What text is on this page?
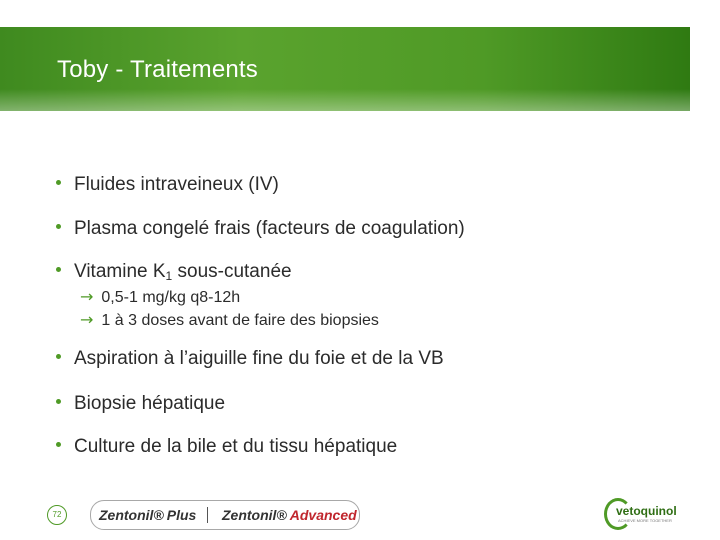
Toby - Traitements
Fluides intraveineux (IV)
Plasma congelé frais (facteurs de coagulation)
Vitamine $K_1$ sous-cutanée
→ 0,5-1 mg/kg q8-12h
→ 1 à 3 doses avant de faire des biopsies
Aspiration à l’aiguille fine du foie et de la VB
Biopsie hépatique
Culture de la bile et du tissu hépatique
72	Zentonil® Plus Zentonil® Advanced	vetoquinol
ACHIEVE MORE TOGETHER
